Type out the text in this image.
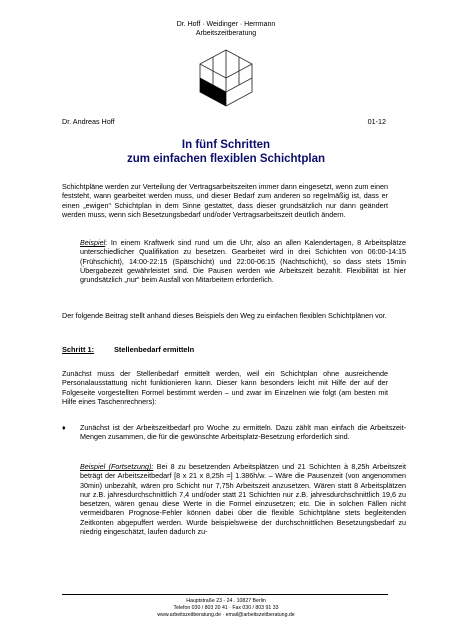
Dr. Hoff · Weidinger · Herrmann
Arbeitszeitberatung
Dr. Andreas Hoff	01-12
In fünf Schritten
zum einfachen flexiblen Schichtplan
Schichtpläne werden zur Verteilung der Vertragsarbeitszeiten immer dann eingesetzt, wenn zum einen feststeht, wann gearbeitet werden muss, und dieser Bedarf zum anderen so regelmäßig ist, dass er einen „ewigen“ Schichtplan in dem Sinne gestattet, dass dieser grundsätzlich nur dann geändert werden muss, wenn sich Besetzungsbedarf und/oder Vertragsarbeitszeit deutlich ändern.
Beispiel: In einem Kraftwerk sind rund um die Uhr, also an allen Kalendertagen, 8 Arbeitsplätze unterschiedlicher Qualifikation zu besetzen. Gearbeitet wird in drei Schichten von 06:00-14:15 (Frühschicht), 14:00-22:15 (Spätschicht) und 22:00-06:15 (Nachtschicht), so dass stets 15min Übergabezeit gewährleistet sind. Die Pausen werden wie Arbeitszeit bezahlt. Flexibilität ist hier grundsätzlich „nur“ beim Ausfall von Mitarbeitern erforderlich.
Der folgende Beitrag stellt anhand dieses Beispiels den Weg zu einfachen flexiblen Schichtplänen vor.
Schritt 1:	Stellenbedarf ermitteln
Zunächst muss der Stellenbedarf ermittelt werden, weil ein Schichtplan ohne ausreichende Personalausstattung nicht funktionieren kann. Dieser kann besonders leicht mit Hilfe der auf der Folgeseite vorgestellten Formel bestimmt werden – und zwar im Einzelnen wie folgt (am besten mit Hilfe eines Taschenrechners):
♦	Zunächst ist der Arbeitszeitbedarf pro Woche zu ermitteln. Dazu zählt man einfach die Arbeitszeit-Mengen zusammen, die für die gewünschte Arbeitsplatz-Besetzung erforderlich sind.
Beispiel (Fortsetzung): Bei 8 zu besetzenden Arbeitsplätzen und 21 Schichten à 8,25h Arbeitszeit beträgt der Arbeitszeitbedarf [8 x 21 x 8,25h =] 1.386h/w. – Wäre die Pausenzeit (von angenommen 30min) unbezahlt, wären pro Schicht nur 7,75h Arbeitszeit anzusetzen. Wären statt 8 Arbeitsplätzen nur z.B. jahresdurchschnittlich 7,4 und/oder statt 21 Schichten nur z.B. jahresdurchschnittlich 19,6 zu besetzen, wären genau diese Werte in die Formel einzusetzen; etc. Die in solchen Fällen nicht vermeidbaren Prognose-Fehler können dabei über die flexible Schichtpläne stets begleitenden Zeitkonten abgepuffert werden. Wurde beispielsweise der durchschnittlichen Besetzungsbedarf zu niedrig eingeschätzt, laufen dadurch zu-
Hauptstraße 23 - 24 . 10827 Berlin
Telefon 030 / 803 20 41 · Fax 030 / 803 91 33
www.arbeitszeitberatung.de · email@arbeitszeitberatung.de
